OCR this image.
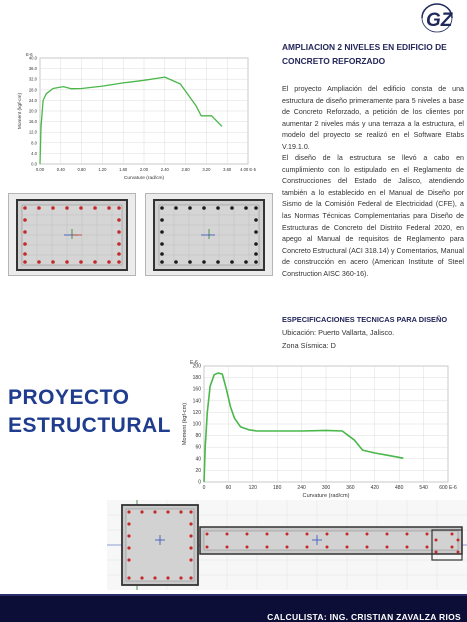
GZ
AMPLIACION 2 NIVELES EN EDIFICIO DE CONCRETO REFORZADO
El proyecto Ampliación del edificio consta de una estructura de diseño primeramente para 5 niveles a base de Concreto Reforzado, a petición de los clientes por aumentar 2 niveles más y una terraza a la estructura, el modelo del proyecto se realizó en el Software Etabs V.19.1.0.
El diseño de la estructura se llevó a cabo en cumplimiento con lo estipulado en el Reglamento de Construcciones del Estado de Jalisco, atendiendo también a lo establecido en el Manual de Diseño por Sismo de la Comisión Federal de Electricidad (CFE), a las Normas Técnicas Complementarias para Diseño de Estructuras de Concreto del Distrito Federal 2020, en apego al Manual de requisitos de Reglamento para Concreto Estructural (ACI 318.14) y Comentarios, Manual de construcción en acero (American Institute of Steel Construction AISC 360-16).
ESPECIFICACIONES TECNICAS PARA DISEÑO
Ubicación: Puerto Vallarta, Jalisco.
Zona Sísmica: D
PROYECTO
ESTRUCTURAL
0.00	0.40	0.80	1.20	1.60	2.00	2.40	2.80	3.20	3.60 4.00 E-5
0.0
4.0
8.0
12.0
16.0
20.0
24.0
28.0
32.0
36.0
40.0
E-6
Curvature (rad/cm)
Moment (kgf-cm)
0	60	120	180	240	300	360	420	480	540 600 E-6
0
20
40
60
80
100
120
140
160
180
200
E-6
Curvature (rad/cm)
Moment (kgf-cm)
CALCULISTA: ING. CRISTIAN ZAVALZA RIOS
